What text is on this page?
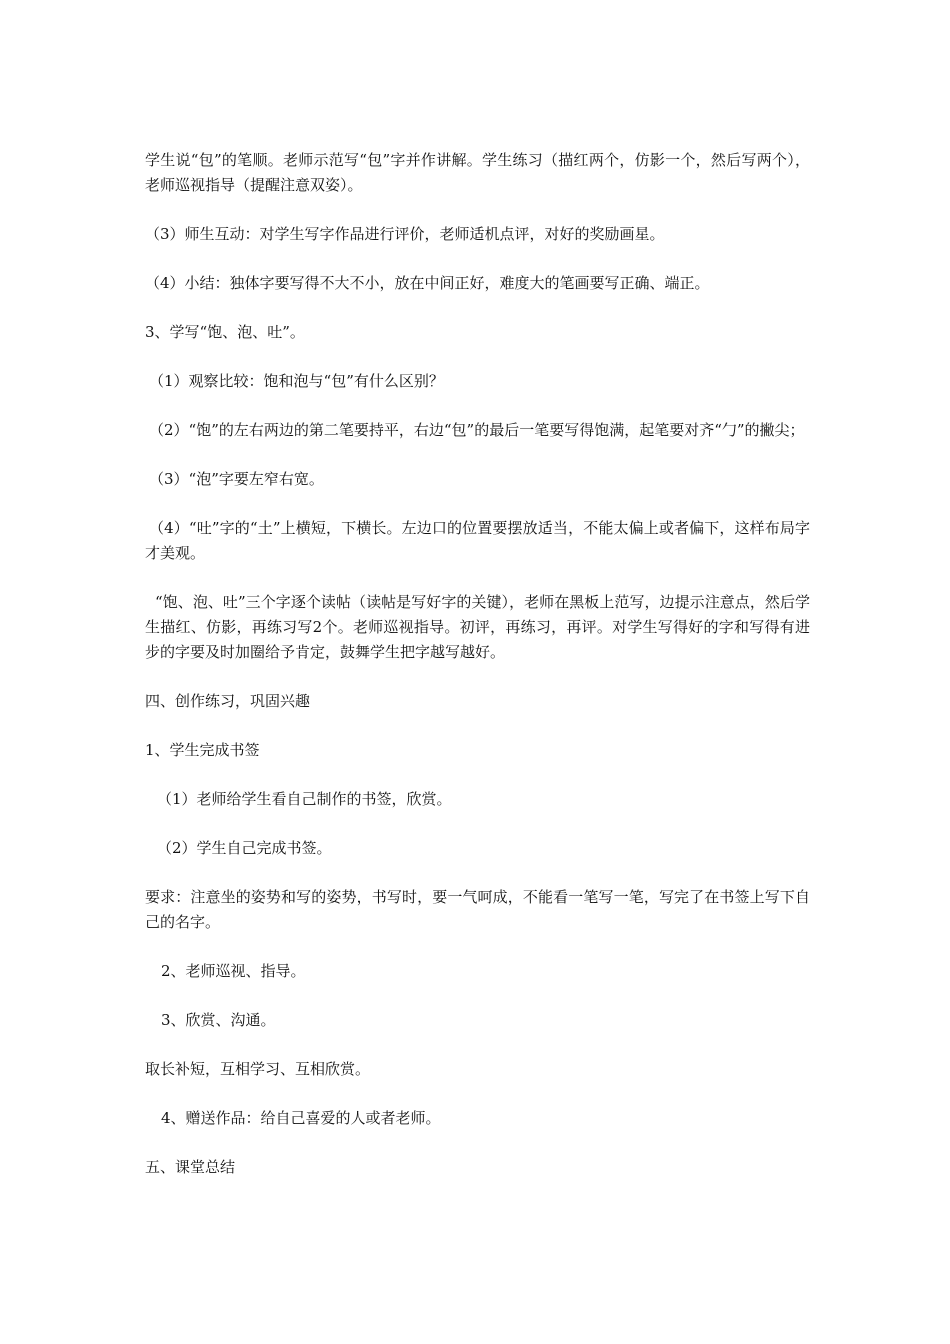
学生说“包”的笔顺。老师示范写“包”字并作讲解。学生练习（描红两个，仿影一个，然后写两个），老师巡视指导（提醒注意双姿）。

（3）师生互动：对学生写字作品进行评价，老师适机点评，对好的奖励画星。

（4）小结：独体字要写得不大不小，放在中间正好，难度大的笔画要写正确、端正。

3、学写“饱、泡、吐”。

（1）观察比较：饱和泡与“包”有什么区别？

（2）“饱”的左右两边的第二笔要持平，右边“包”的最后一笔要写得饱满，起笔要对齐“勹”的撇尖；

（3）“泡”字要左窄右宽。

（4）“吐”字的“土”上横短，下横长。左边口的位置要摆放适当，不能太偏上或者偏下，这样布局字才美观。

“饱、泡、吐”三个字逐个读帖（读帖是写好字的关键），老师在黑板上范写，边提示注意点，然后学生描红、仿影，再练习写2个。老师巡视指导。初评，再练习，再评。对学生写得好的字和写得有进步的字要及时加圈给予肯定，鼓舞学生把字越写越好。

四、创作练习，巩固兴趣

1、学生完成书签

（1）老师给学生看自己制作的书签，欣赏。

（2）学生自己完成书签。

要求：注意坐的姿势和写的姿势，书写时，要一气呵成，不能看一笔写一笔，写完了在书签上写下自己的名字。

2、老师巡视、指导。

3、欣赏、沟通。

取长补短，互相学习、互相欣赏。

4、赠送作品：给自己喜爱的人或者老师。

五、课堂总结
